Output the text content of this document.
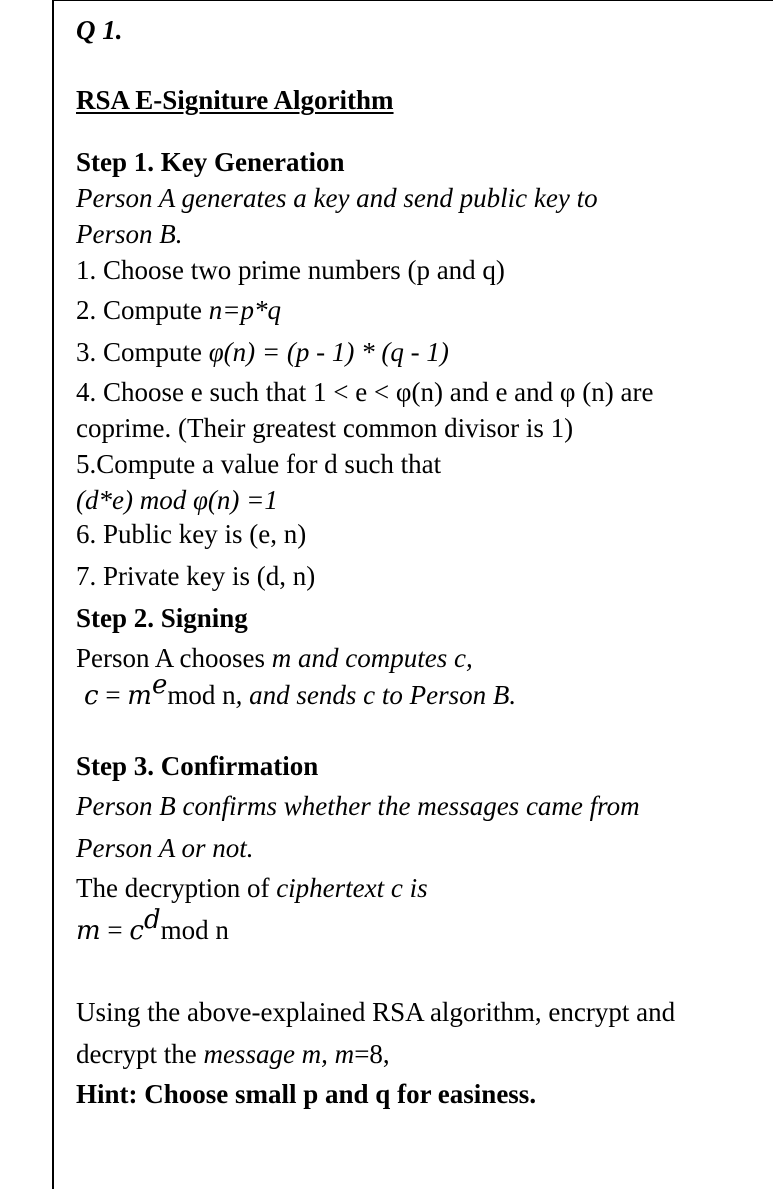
Q 1.
RSA E-Signiture Algorithm
Step 1. Key Generation
Person A generates a key and send public key to
Person B.
1. Choose two prime numbers (p and q)
2. Compute n=p*q
3. Compute φ(n) = (p - 1) * (q - 1)
4. Choose e such that 1 < e < φ(n) and e and φ (n) are
coprime. (Their greatest common divisor is 1)
5.Compute a value for d such that
(d*e) mod φ(n) =1
6. Public key is (e, n)
7. Private key is (d, n)
Step 2. Signing
Person A chooses m and computes c,
$c = m^emod$ n, and sends c to Person B.
Step 3. Confirmation
Person B confirms whether the messages came from
Person A or not.
The decryption of ciphertext c is
$m = c^dmod$ n
Using the above-explained RSA algorithm, encrypt and
decrypt the message m, m=8,
Hint: Choose small p and q for easiness.
